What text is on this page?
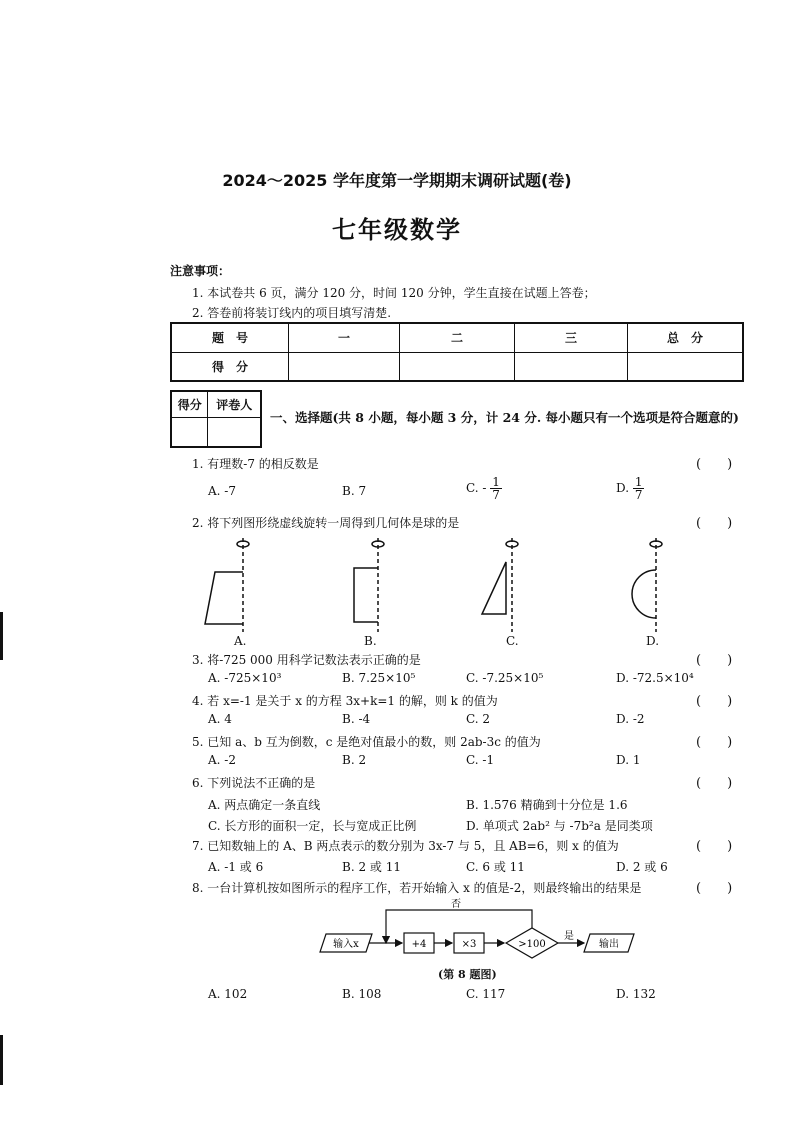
2024～2025 学年度第一学期期末调研试题(卷)
七年级数学
注意事项：
1. 本试卷共 6 页，满分 120 分，时间 120 分钟，学生直接在试题上答卷；
2. 答卷前将装订线内的项目填写清楚.
题　号	一	二	三	总　分
得　分				
得分	评卷人

一、选择题(共 8 小题，每小题 3 分，计 24 分. 每小题只有一个选项是符合题意的)
1. 有理数-7 的相反数是	(　　)
A. -7	B. 7	C. - $\frac{1}{7}$	D. $\frac{1}{7}$
2. 将下列图形绕虚线旋转一周得到几何体是球的是	(　　)
A.	B.	C.	D.
3. 将-725 000 用科学记数法表示正确的是	(　　)
A. -725×10³	B. 7.25×10⁵	C. -7.25×10⁵	D. -72.5×10⁴
4. 若 x=-1 是关于 x 的方程 3x+k=1 的解，则 k 的值为	(　　)
A. 4	B. -4	C. 2	D. -2
5. 已知 a、b 互为倒数，c 是绝对值最小的数，则 2ab-3c 的值为	(　　)
A. -2	B. 2	C. -1	D. 1
6. 下列说法不正确的是	(　　)
A. 两点确定一条直线	B. 1.576 精确到十分位是 1.6
C. 长方形的面积一定，长与宽成正比例	D. 单项式 2ab² 与 -7b²a 是同类项
7. 已知数轴上的 A、B 两点表示的数分别为 3x-7 与 5，且 AB=6，则 x 的值为	(　　)
A. -1 或 6	B. 2 或 11	C. 6 或 11	D. 2 或 6
8. 一台计算机按如图所示的程序工作，若开始输入 x 的值是-2，则最终输出的结果是	(　　)
输入x	+4	×3	>100
是
输出
否
(第 8 题图)
A. 102	B. 108	C. 117	D. 132
